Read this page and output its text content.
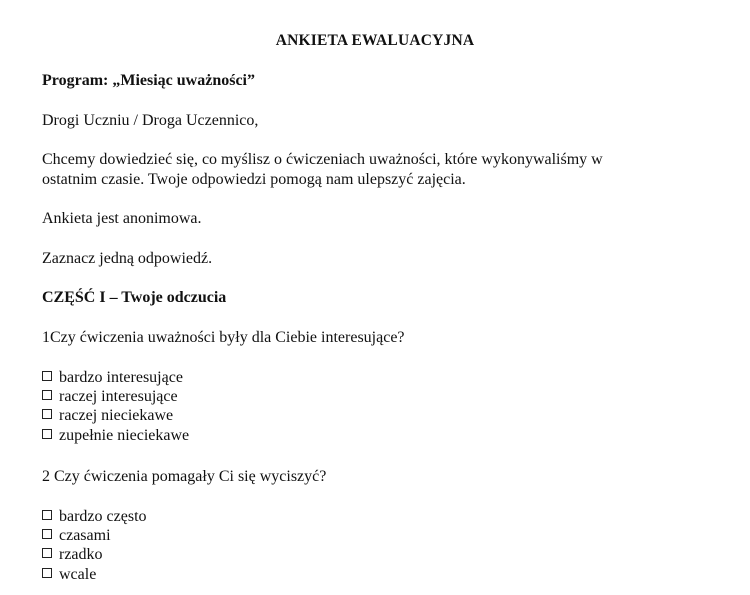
ANKIETA EWALUACYJNA
Program: „Miesiąc uważności”
Drogi Uczniu / Droga Uczennico,
Chcemy dowiedzieć się, co myślisz o ćwiczeniach uważności, które wykonywaliśmy w
ostatnim czasie. Twoje odpowiedzi pomogą nam ulepszyć zajęcia.
Ankieta jest anonimowa.
Zaznacz jedną odpowiedź.
CZĘŚĆ I – Twoje odczucia
1Czy ćwiczenia uważności były dla Ciebie interesujące?
bardzo interesujące
raczej interesujące
raczej nieciekawe
zupełnie nieciekawe
2 Czy ćwiczenia pomagały Ci się wyciszyć?
bardzo często
czasami
rzadko
wcale
